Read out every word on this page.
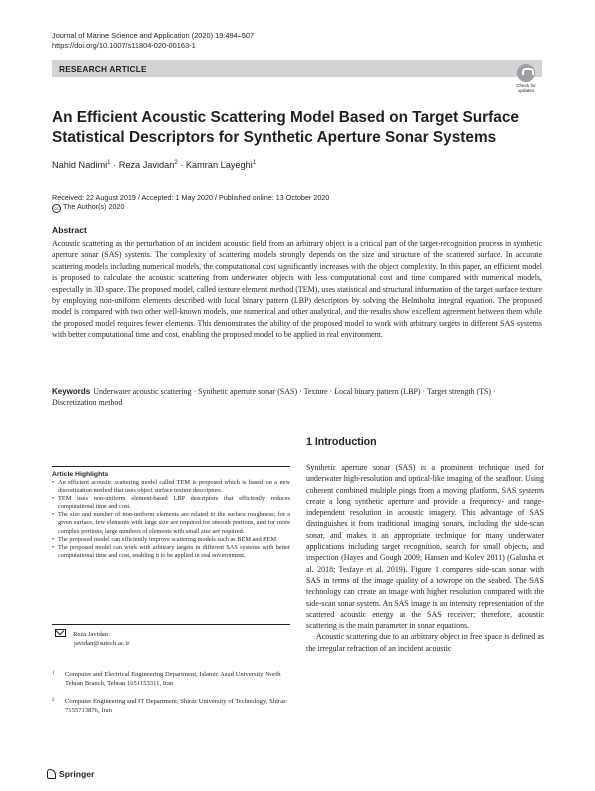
Journal of Marine Science and Application (2020) 19:494–507
https://doi.org/10.1007/s11804-020-00163-1
RESEARCH ARTICLE
Check for
updates
An Efficient Acoustic Scattering Model Based on Target Surface Statistical Descriptors for Synthetic Aperture Sonar Systems
Nahid Nadimi$^1$ · Reza Javidan$^2$ · Kamran Layeghi$^1$
Received: 22 August 2019 / Accepted: 1 May 2020 / Published online: 13 October 2020
cc The Author(s) 2020
Abstract
Acoustic scattering as the perturbation of an incident acoustic field from an arbitrary object is a critical part of the target-recognition process in synthetic aperture sonar (SAS) systems. The complexity of scattering models strongly depends on the size and structure of the scattered surface. In accurate scattering models including numerical models, the computational cost significantly increases with the object complexity. In this paper, an efficient model is proposed to calculate the acoustic scattering from underwater objects with less computational cost and time compared with numerical models, especially in 3D space. The proposed model, called texture element method (TEM), uses statistical and structural information of the target surface texture by employing non-uniform elements described with local binary pattern (LBP) descriptors by solving the Helmholtz integral equation. The proposed model is compared with two other well-known models, one numerical and other analytical, and the results show excellent agreement between them while the proposed model requires fewer elements. This demonstrates the ability of the proposed model to work with arbitrary targets in different SAS systems with better computational time and cost, enabling the proposed model to be applied in real environment.
Keywords Underwater acoustic scattering · Synthetic aperture sonar (SAS) · Texture · Local binary pattern (LBP) · Target strength (TS) · Discretization method
1 Introduction

Synthetic aperture sonar (SAS) is a prominent technique used for underwater high-resolution and optical-like imaging of the seafloor. Using coherent combined multiple pings from a moving platform, SAS systems create a long synthetic aperture and provide a frequency- and range-independent resolution in acoustic imagery. This advantage of SAS distinguishes it from traditional imaging sonars, including the side-scan sonar, and makes it an appropriate technique for many underwater applications including target recognition, search for small objects, and inspection (Hayes and Gough 2009; Hansen and Kolev 2011) (Galusha et al. 2018; Tesfaye et al. 2019). Figure 1 compares side-scan sonar with SAS in terms of the image quality of a towrope on the seabed. The SAS technology can create an image with higher resolution compared with the side-scan sonar system. An SAS image is an intensity representation of the scattered acoustic energy at the SAS receiver; therefore, acoustic scattering is the main parameter in sonar equations.

Acoustic scattering due to an arbitrary object in free space is defined as the irregular refraction of an incident acoustic

Article Highlights
• An efficient acoustic scattering model called TEM is proposed which is based on a new discretization method that uses object surface texture descriptors.
• TEM uses non-uniform element-based LBP descriptors that efficiently reduces computational time and cost.
• The size and number of non-uniform elements are related to the surface roughness; for a given surface, few elements with large size are required for smooth portions, and for more complex portions, large numbers of elements with small size are required.
• The proposed model can efficiently improve scattering models such as BEM and FEM.
• The proposed model can work with arbitrary targets in different SAS systems with better computational time and cost, enabling it to be applied in real environment.
Reza Javidan
javidan@sutech.ac.ir
1 Computer and Electrical Engineering Department, Islamic Azad University North Tehran Branch, Tehran 1651153311, Iran
2 Computer Engineering and IT Department, Shiraz University of Technology, Shiraz 7155713876, Iran
Springer
